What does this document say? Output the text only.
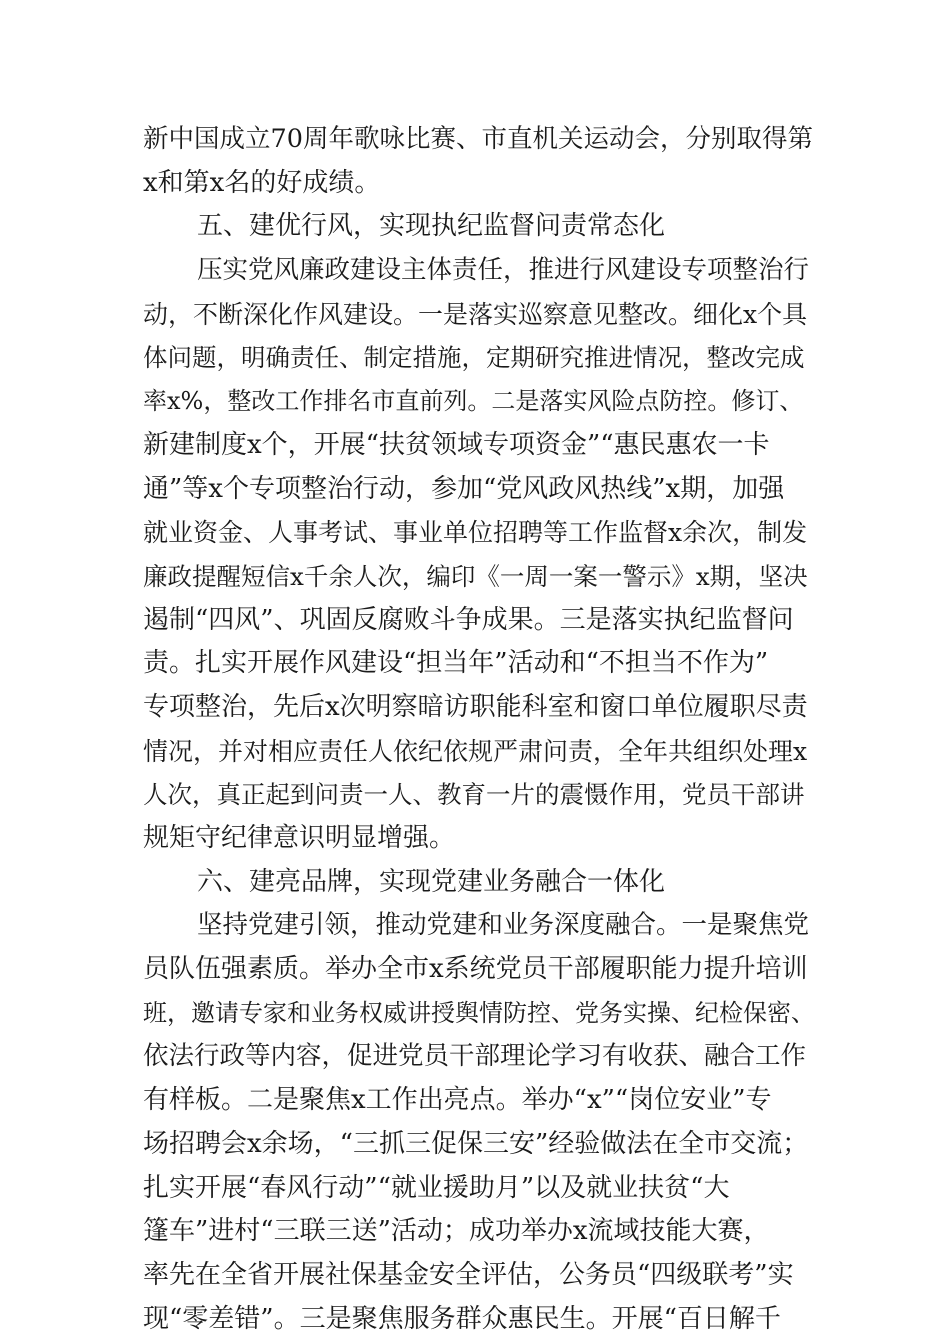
新中国成立70周年歌咏比赛、市直机关运动会，分别取得第
x和第x名的好成绩。
五、建优行风，实现执纪监督问责常态化
压实党风廉政建设主体责任，推进行风建设专项整治行
动，不断深化作风建设。一是落实巡察意见整改。细化x个具
体问题，明确责任、制定措施，定期研究推进情况，整改完成
率x%，整改工作排名市直前列。二是落实风险点防控。修订、
新建制度x个，开展“扶贫领域专项资金”“惠民惠农一卡
通”等x个专项整治行动，参加“党风政风热线”x期，加强
就业资金、人事考试、事业单位招聘等工作监督x余次，制发
廉政提醒短信x千余人次，编印《一周一案一警示》x期，坚决
遏制“四风”、巩固反腐败斗争成果。三是落实执纪监督问
责。扎实开展作风建设“担当年”活动和“不担当不作为”
专项整治，先后x次明察暗访职能科室和窗口单位履职尽责
情况，并对相应责任人依纪依规严肃问责，全年共组织处理x
人次，真正起到问责一人、教育一片的震慑作用，党员干部讲
规矩守纪律意识明显增强。
六、建亮品牌，实现党建业务融合一体化
坚持党建引领，推动党建和业务深度融合。一是聚焦党
员队伍强素质。举办全市x系统党员干部履职能力提升培训
班，邀请专家和业务权威讲授舆情防控、党务实操、纪检保密、
依法行政等内容，促进党员干部理论学习有收获、融合工作
有样板。二是聚焦x工作出亮点。举办“x”“岗位安业”专
场招聘会x余场，“三抓三促保三安”经验做法在全市交流；
扎实开展“春风行动”“就业援助月”以及就业扶贫“大
篷车”进村“三联三送”活动；成功举办x流域技能大赛，
率先在全省开展社保基金安全评估，公务员“四级联考”实
现“零差错”。三是聚焦服务群众惠民生。开展“百日解千
